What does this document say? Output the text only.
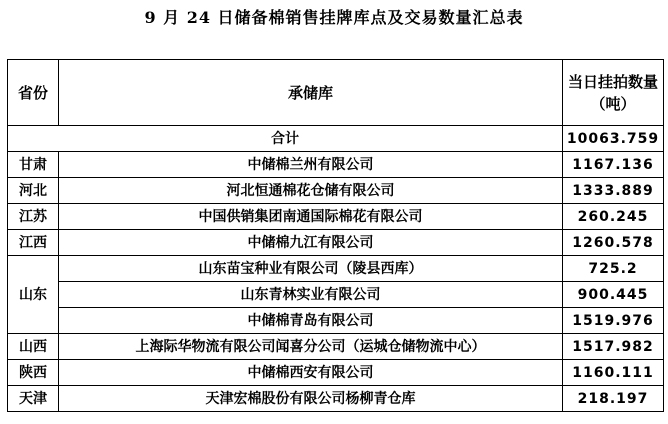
9 月 24 日储备棉销售挂牌库点及交易数量汇总表
省份	承储库	当日挂拍数量（吨）
合计		10063.759
甘肃	中储棉兰州有限公司	1167.136
河北	河北恒通棉花仓储有限公司	1333.889
江苏	中国供销集团南通国际棉花有限公司	260.245
江西	中储棉九江有限公司	1260.578
山东	山东苗宝种业有限公司（陵县西库）	725.2
	山东青林实业有限公司	900.445
	中储棉青岛有限公司	1519.976
山西	上海际华物流有限公司闻喜分公司（运城仓储物流中心）	1517.982
陕西	中储棉西安有限公司	1160.111
天津	天津宏棉股份有限公司杨柳青仓库	218.197
